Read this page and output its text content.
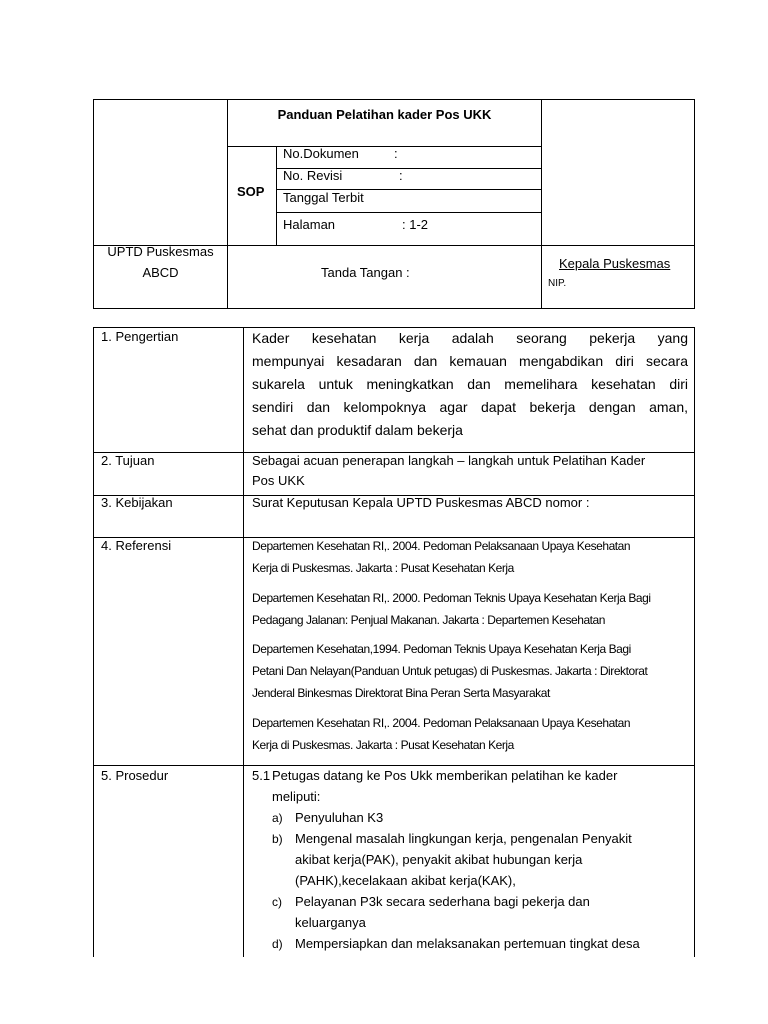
Panduan Pelatihan kader Pos UKK
SOP
No.Dokumen	:
No. Revisi	:
Tanggal Terbit
Halaman	: 1-2
UPTD Puskesmas
ABCD	Tanda Tangan :
Kepala Puskesmas
NIP.
1. Pengertian	Kader kesehatan kerja adalah seorang pekerja yang
mempunyai kesadaran dan kemauan mengabdikan diri secara
sukarela untuk meningkatkan dan memelihara kesehatan diri
sendiri dan kelompoknya agar dapat bekerja dengan aman,
sehat dan produktif dalam bekerja
2. Tujuan	Sebagai acuan penerapan langkah – langkah untuk Pelatihan Kader
Pos UKK
3. Kebijakan	Surat Keputusan Kepala UPTD Puskesmas ABCD nomor :
4. Referensi	Departemen Kesehatan RI,. 2004. Pedoman Pelaksanaan Upaya Kesehatan
Kerja di Puskesmas. Jakarta : Pusat Kesehatan Kerja
Departemen Kesehatan RI,. 2000. Pedoman Teknis Upaya Kesehatan Kerja Bagi
Pedagang Jalanan: Penjual Makanan. Jakarta : Departemen Kesehatan
Departemen Kesehatan,1994. Pedoman Teknis Upaya Kesehatan Kerja Bagi
Petani Dan Nelayan(Panduan Untuk petugas) di Puskesmas. Jakarta : Direktorat
Jenderal Binkesmas Direktorat Bina Peran Serta Masyarakat
Departemen Kesehatan RI,. 2004. Pedoman Pelaksanaan Upaya Kesehatan
Kerja di Puskesmas. Jakarta : Pusat Kesehatan Kerja
5. Prosedur	5.1 Petugas datang ke Pos Ukk memberikan pelatihan ke kader
meliputi:
a) Penyuluhan K3
b) Mengenal masalah lingkungan kerja, pengenalan Penyakit
akibat kerja(PAK), penyakit akibat hubungan kerja
(PAHK),kecelakaan akibat kerja(KAK),
c) Pelayanan P3k secara sederhana bagi pekerja dan
keluarganya
d) Mempersiapkan dan melaksanakan pertemuan tingkat desa
